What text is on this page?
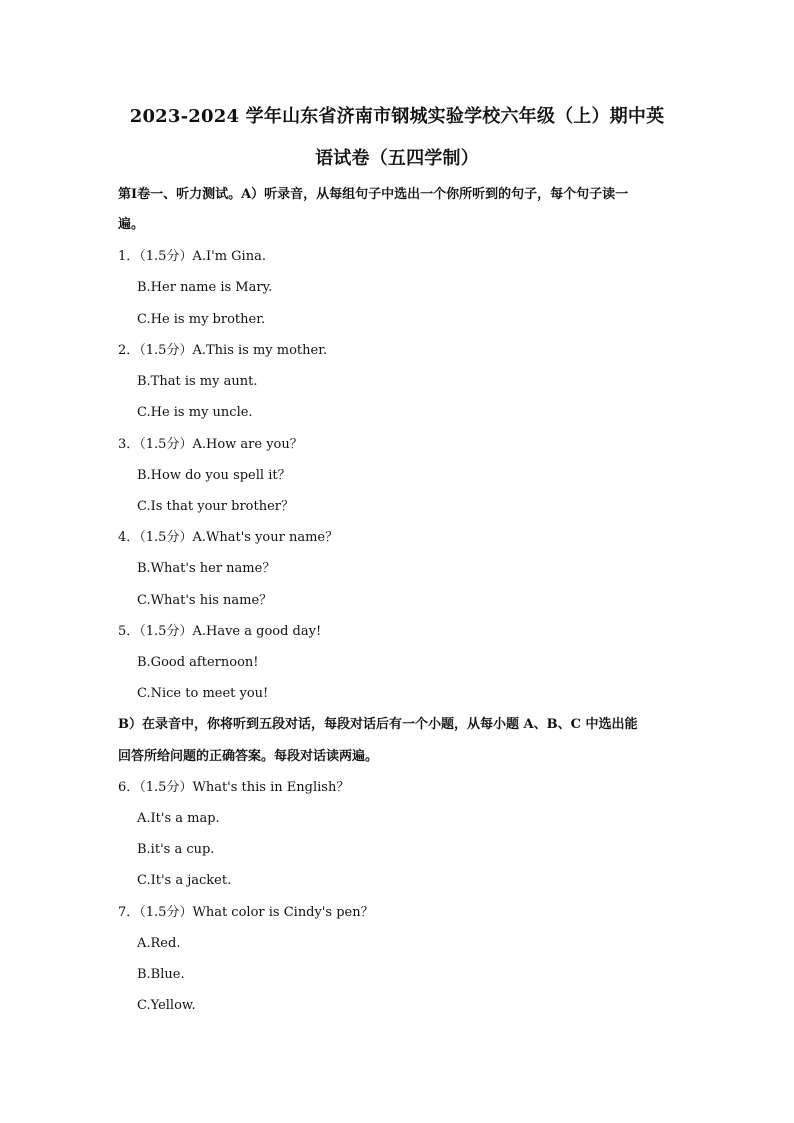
2023-2024 学年山东省济南市钢城实验学校六年级（上）期中英
语试卷（五四学制）
第Ⅰ卷一、听力测试。A）听录音，从每组句子中选出一个你所听到的句子，每个句子读一
遍。
1．（1.5分）A.I'm Gina.
B.Her name is Mary.
C.He is my brother.
2．（1.5分）A.This is my mother.
B.That is my aunt.
C.He is my uncle.
3．（1.5分）A.How are you？
B.How do you spell it？
C.Is that your brother？
4．（1.5分）A.What's your name？
B.What's her name？
C.What's his name？
5．（1.5分）A.Have a good day!
B.Good afternoon!
C.Nice to meet you!
B）在录音中，你将听到五段对话，每段对话后有一个小题，从每小题 A、B、C 中选出能
回答所给问题的正确答案。每段对话读两遍。
6．（1.5分）What's this in English？
A.It's a map.
B.it's a cup.
C.It's a jacket.
7．（1.5分）What color is Cindy's pen？
A.Red.
B.Blue.
C.Yellow.
